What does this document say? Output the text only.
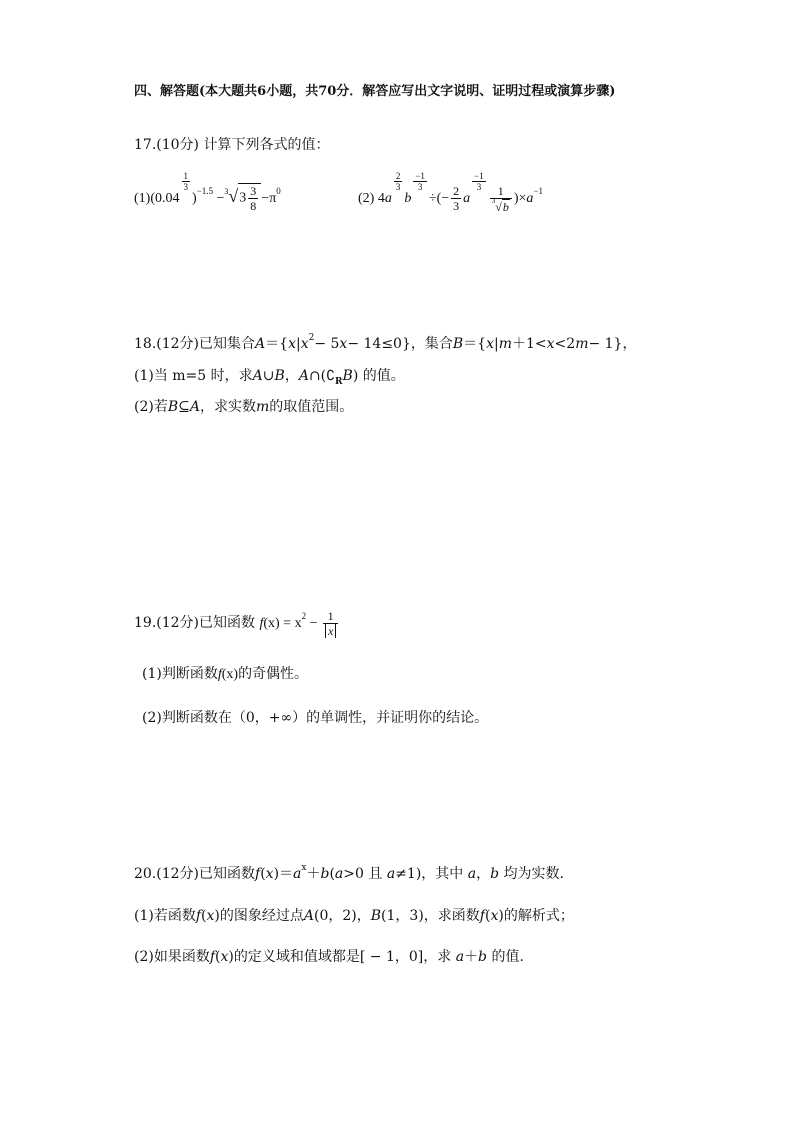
四、解答题(本大题共6小题，共70分．解答应写出文字说明、证明过程或演算步骤)
17.(10分) 计算下列各式的值：
(1)(0.04
$\frac{1}{3}$
)$^{-1.5} -^3√3 \frac{3}{8} -\pi^0$	(2) 4a
$\frac{2}{3}$
b
$\frac{-1}{3}$
÷(− $\frac{2}{3}$ a
$\frac{-1}{3}$
$\frac{1}{^3√b} )\times a^{-1}$
18.(12分)已知集合$A=\{x|x^2- 5x- 14\le 0\}$，集合B＝{x|m＋1<x<2m− 1}，
(1)当 m=5 时，求A∪B，$A\cap(∁_RB)$ 的值。
(2)若B⊆A，求实数m的取值范围。
19.(12分)已知函数 $f(x) = x^2 - \frac{1}{x}$
(1)判断函数f(x)的奇偶性。
(2)判断函数在（0，+∞）的单调性，并证明你的结论。
20.(12分)已知函数$f(x)=a^x+b(a>0$ 且 a≠1)，其中 a，b 均为实数.
(1)若函数f(x)的图象经过点A(0，2)，B(1，3)，求函数f(x)的解析式；
(2)如果函数f(x)的定义域和值域都是[ − 1，0]，求 a＋b 的值.
